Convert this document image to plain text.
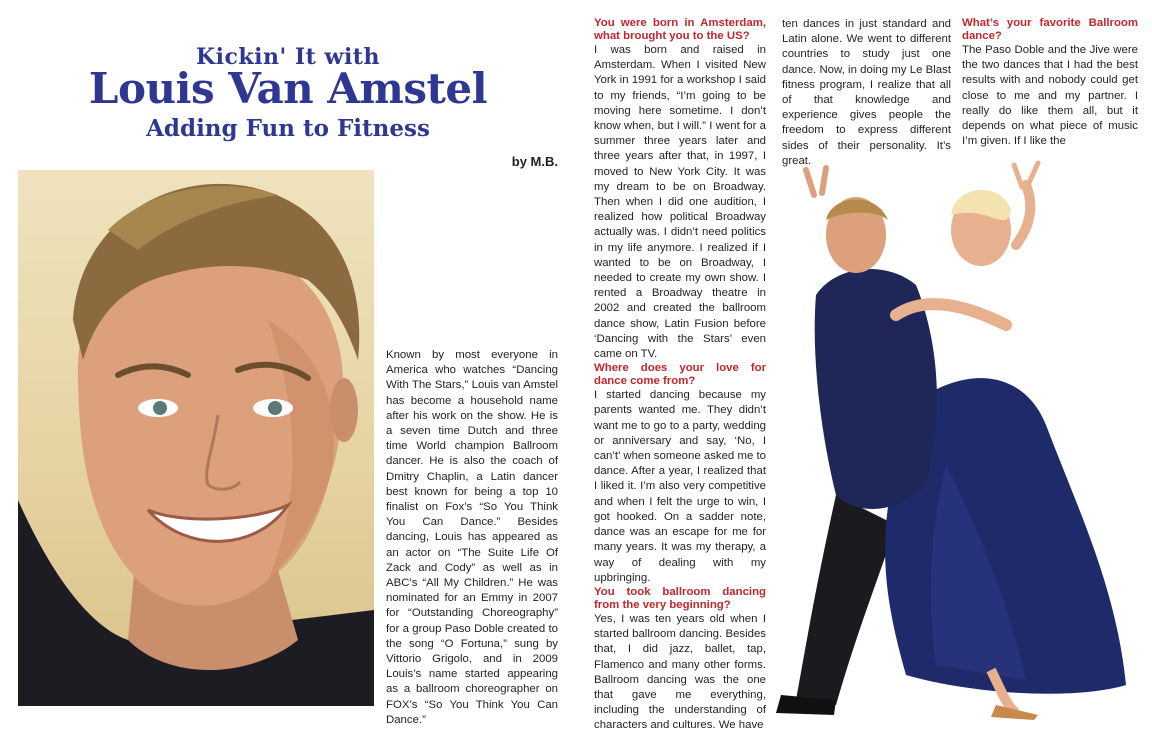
Kickin' It with
Louis Van Amstel
Adding Fun to Fitness
by M.B.

Known by most everyone in America who watches “Dancing With The Stars,” Louis van Amstel has become a household name after his work on the show. He is a seven time Dutch and three time World champion Ballroom dancer. He is also the coach of Dmitry Chaplin, a Latin dancer best known for being a top 10 finalist on Fox’s “So You Think You Can Dance.” Besides dancing, Louis has appeared as an actor on “The Suite Life Of Zack and Cody” as well as in ABC’s “All My Children.” He was nominated for an Emmy in 2007 for “Outstanding Choreography” for a group Paso Doble created to the song “O Fortuna,” sung by Vittorio Grigolo, and in 2009 Louis’s name started appearing as a ballroom choreographer on FOX’s “So You Think You Can Dance.”

You were born in Amsterdam, what brought you to the US?

I was born and raised in Amsterdam. When I visited New York in 1991 for a workshop I said to my friends, “I’m going to be moving here sometime. I don’t know when, but I will.” I went for a summer three years later and three years after that, in 1997, I moved to New York City. It was my dream to be on Broadway. Then when I did one audition, I realized how political Broadway actually was. I didn’t need politics in my life anymore. I realized if I wanted to be on Broadway, I needed to create my own show. I rented a Broadway theatre in 2002 and created the ballroom dance show, Latin Fusion before ‘Dancing with the Stars’ even came on TV.

Where does your love for dance come from?

I started dancing because my parents wanted me. They didn’t want me to go to a party, wedding or anniversary and say, ‘No, I can’t’ when someone asked me to dance. After a year, I realized that I liked it. I’m also very competitive and when I felt the urge to win, I got hooked. On a sadder note, dance was an escape for me for many years. It was my therapy, a way of dealing with my upbringing.

You took ballroom dancing from the very beginning?

Yes, I was ten years old when I started ballroom dancing. Besides that, I did jazz, ballet, tap, Flamenco and many other forms. Ballroom dancing was the one that gave me everything, including the understanding of characters and cultures. We have

ten dances in just standard and Latin alone. We went to different countries to study just one dance. Now, in doing my Le Blast fitness program, I realize that all of that knowledge and experience gives people the freedom to express different sides of their personality. It’s great.

What’s your favorite Ballroom dance?

The Paso Doble and the Jive were the two dances that I had the best results with and nobody could get close to me and my partner. I really do like them all, but it depends on what piece of music I’m given. If I like the
